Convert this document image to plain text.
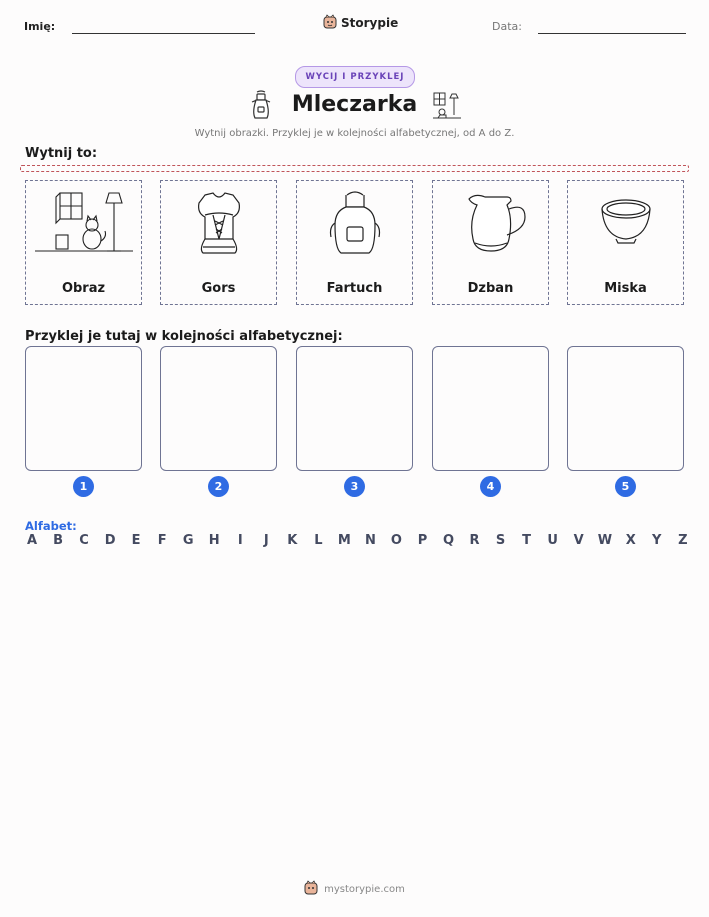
Imię:	Storypie	Data:
WYCIJ I PRZYKLEJ
Mleczarka
Wytnij obrazki. Przyklej je w kolejności alfabetycznej, od A do Z.
Wytnij to:
Obraz	Gors	Fartuch	Dzban	Miska
Przyklej je tutaj w kolejności alfabetycznej:
1	2	3	4	5
Alfabet:
A B C D E F G H	I	J	K L M N O P Q R S T U V W X Y Z
mystorypie.com
